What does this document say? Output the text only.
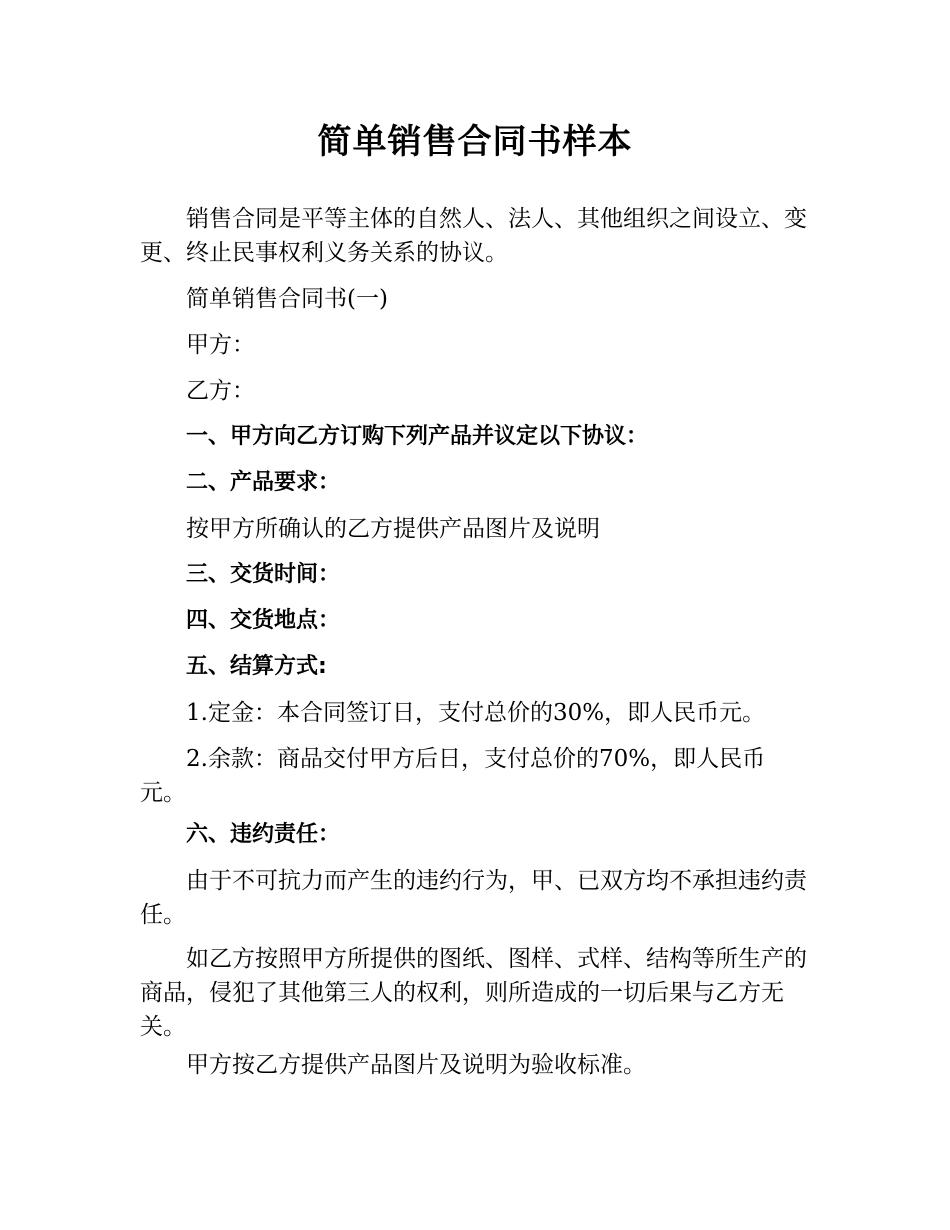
简单销售合同书样本

销售合同是平等主体的自然人、法人、其他组织之间设立、变更、终止民事权利义务关系的协议。

简单销售合同书(一)

甲方：

乙方：

一、甲方向乙方订购下列产品并议定以下协议：

二、产品要求：

按甲方所确认的乙方提供产品图片及说明

三、交货时间：

四、交货地点：

五、结算方式:

1.定金：本合同签订日，支付总价的30%，即人民币元。

2.余款：商品交付甲方后日，支付总价的70%，即人民币元。

六、违约责任：

由于不可抗力而产生的违约行为，甲、已双方均不承担违约责任。

如乙方按照甲方所提供的图纸、图样、式样、结构等所生产的商品，侵犯了其他第三人的权利，则所造成的一切后果与乙方无关。

甲方按乙方提供产品图片及说明为验收标准。
